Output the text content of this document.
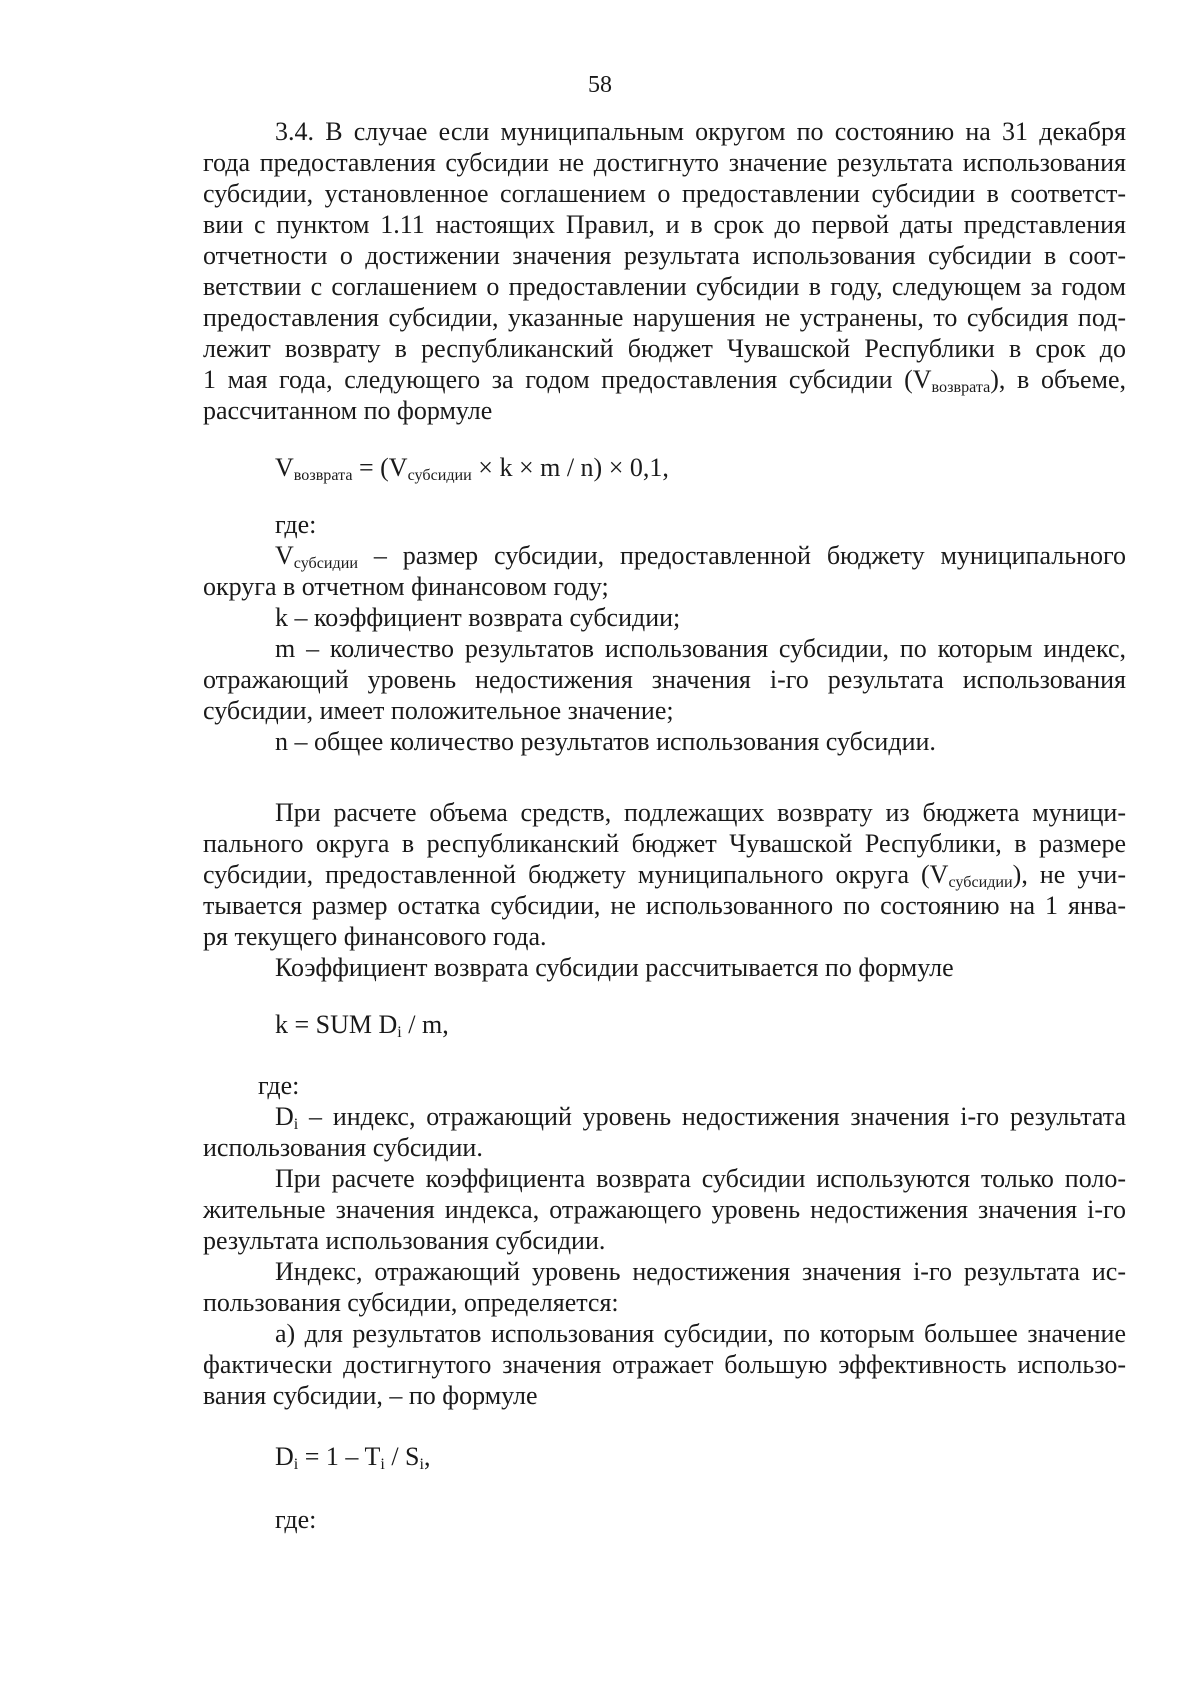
58
3.4. В случае если муниципальным округом по состоянию на 31 декабря
года предоставления субсидии не достигнуто значение результата использования
субсидии, установленное соглашением о предоставлении субсидии в соответст-
вии с пунктом 1.11 настоящих Правил, и в срок до первой даты представления
отчетности о достижении значения результата использования субсидии в соот-
ветствии с соглашением о предоставлении субсидии в году, следующем за годом
предоставления субсидии, указанные нарушения не устранены, то субсидия под-
лежит возврату в республиканский бюджет Чувашской Республики в срок до
1 мая года, следующего за годом предоставления субсидии $(V_{возврата})$, в объеме,
рассчитанном по формуле

$V_{возврата} = (V_{субсидии} \times k \times m / n) \times 0,1$,

где:

$V_{субсидии}$ – размер субсидии, предоставленной бюджету муниципального
округа в отчетном финансовом году;
k – коэффициент возврата субсидии;
m – количество результатов использования субсидии, по которым индекс,
отражающий уровень недостижения значения i-го результата использования
субсидии, имеет положительное значение;
n – общее количество результатов использования субсидии.
При расчете объема средств, подлежащих возврату из бюджета муници-
пального округа в республиканский бюджет Чувашской Республики, в размере
субсидии, предоставленной бюджету муниципального округа $(V_{субсидии})$, не учи-
тывается размер остатка субсидии, не использованного по состоянию на 1 янва-
ря текущего финансового года.
Коэффициент возврата субсидии рассчитывается по формуле

k = SUM $D_i$ / m,

где:

$D_i$ – индекс, отражающий уровень недостижения значения i-го результата
использования субсидии.
При расчете коэффициента возврата субсидии используются только поло-
жительные значения индекса, отражающего уровень недостижения значения i-го
результата использования субсидии.
Индекс, отражающий уровень недостижения значения i-го результата ис-
пользования субсидии, определяется:
а) для результатов использования субсидии, по которым большее значение
фактически достигнутого значения отражает большую эффективность использо-
вания субсидии, – по формуле

$D_i = 1 - T_i / S_i$,

где:
